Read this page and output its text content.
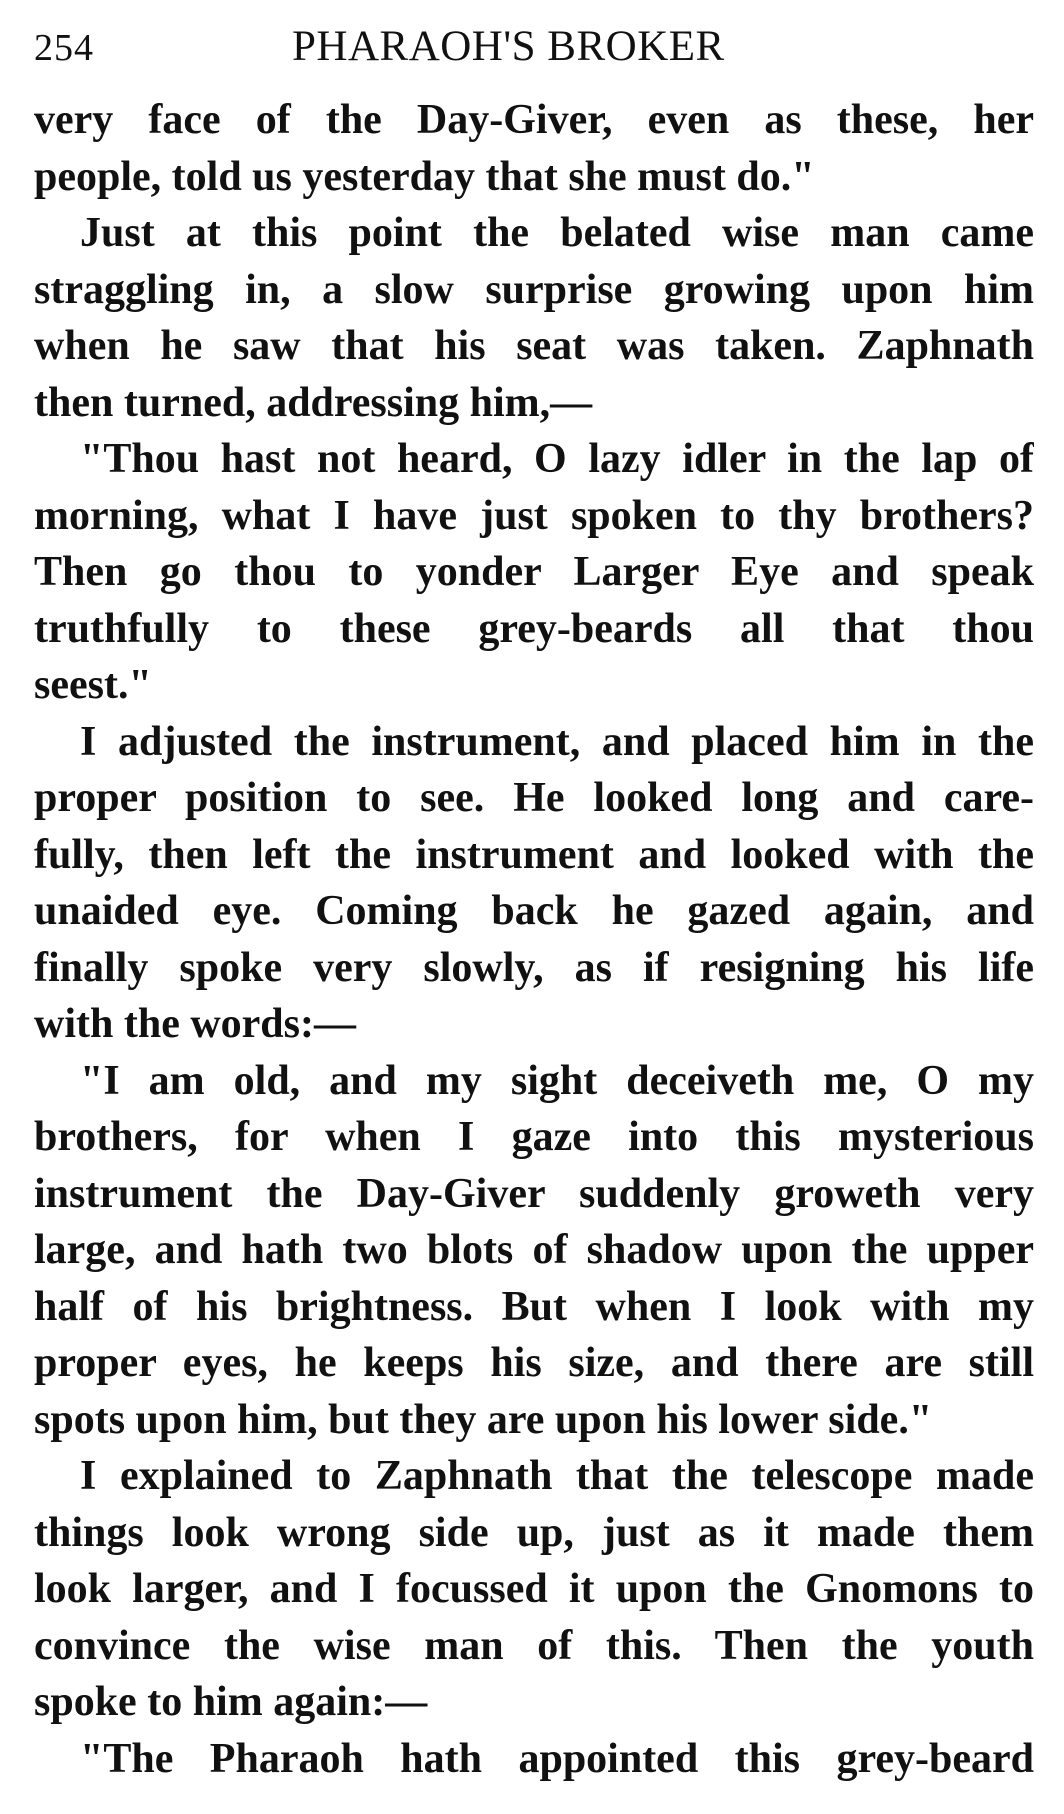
254	PHARAOH'S BROKER
very face of the Day-Giver, even as these, her
people, told us yesterday that she must do."
Just at this point the belated wise man came
straggling in, a slow surprise growing upon him
when he saw that his seat was taken. Zaphnath
then turned, addressing him,—
"Thou hast not heard, O lazy idler in the lap of
morning, what I have just spoken to thy brothers?
Then go thou to yonder Larger Eye and speak
truthfully to these grey-beards all that thou
seest."
I adjusted the instrument, and placed him in the
proper position to see. He looked long and care-
fully, then left the instrument and looked with the
unaided eye. Coming back he gazed again, and
finally spoke very slowly, as if resigning his life
with the words:—
"I am old, and my sight deceiveth me, O my
brothers, for when I gaze into this mysterious
instrument the Day-Giver suddenly groweth very
large, and hath two blots of shadow upon the upper
half of his brightness. But when I look with my
proper eyes, he keeps his size, and there are still
spots upon him, but they are upon his lower side."
I explained to Zaphnath that the telescope made
things look wrong side up, just as it made them
look larger, and I focussed it upon the Gnomons to
convince the wise man of this. Then the youth
spoke to him again:—
"The Pharaoh hath appointed this grey-beard
